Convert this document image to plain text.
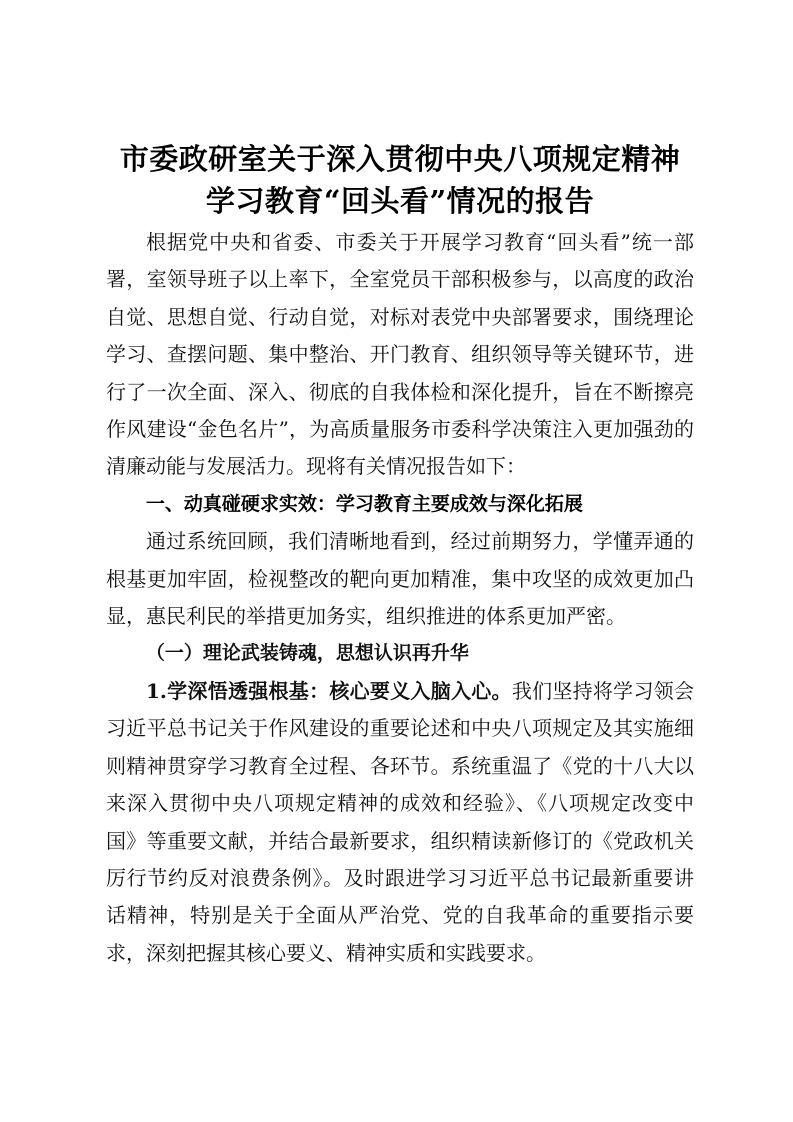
市委政研室关于深入贯彻中央八项规定精神学习教育“回头看”情况的报告

根据党中央和省委、市委关于开展学习教育“回头看”统一部署，室领导班子以上率下，全室党员干部积极参与，以高度的政治自觉、思想自觉、行动自觉，对标对表党中央部署要求，围绕理论学习、查摆问题、集中整治、开门教育、组织领导等关键环节，进行了一次全面、深入、彻底的自我体检和深化提升，旨在不断擦亮作风建设“金色名片”，为高质量服务市委科学决策注入更加强劲的清廉动能与发展活力。现将有关情况报告如下：

一、动真碰硬求实效：学习教育主要成效与深化拓展

通过系统回顾，我们清晰地看到，经过前期努力，学懂弄通的根基更加牢固，检视整改的靶向更加精准，集中攻坚的成效更加凸显，惠民利民的举措更加务实，组织推进的体系更加严密。

（一）理论武装铸魂，思想认识再升华

1.学深悟透强根基：核心要义入脑入心。我们坚持将学习领会习近平总书记关于作风建设的重要论述和中央八项规定及其实施细则精神贯穿学习教育全过程、各环节。系统重温了《党的十八大以来深入贯彻中央八项规定精神的成效和经验》、《八项规定改变中国》等重要文献，并结合最新要求，组织精读新修订的《党政机关厉行节约反对浪费条例》。及时跟进学习习近平总书记最新重要讲话精神，特别是关于全面从严治党、党的自我革命的重要指示要求，深刻把握其核心要义、精神实质和实践要求。
